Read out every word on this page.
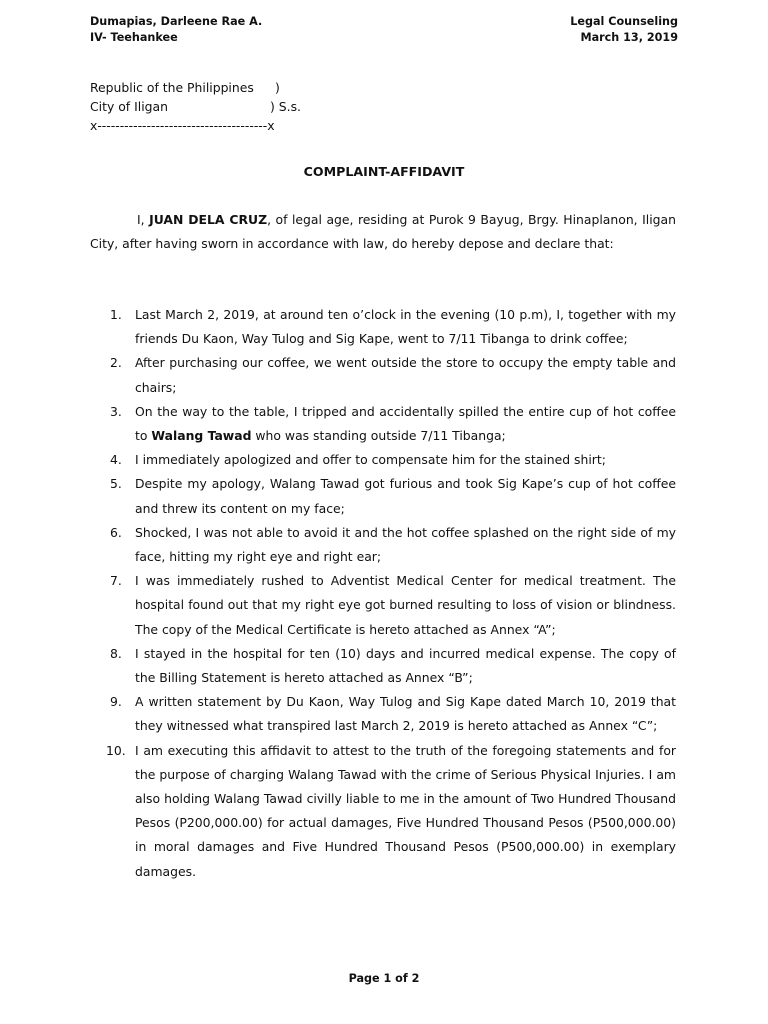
Dumapias, Darleene Rae A.
IV- Teehankee
Legal Counseling
March 13, 2019
Republic of the Philippines )
City of Iligan	) S.s.
x--------------------------------------x
COMPLAINT-AFFIDAVIT
I, JUAN DELA CRUZ, of legal age, residing at Purok 9 Bayug, Brgy. Hinaplanon, Iligan City, after having sworn in accordance with law, do hereby depose and declare that:
1. Last March 2, 2019, at around ten o’clock in the evening (10 p.m), I, together with my friends Du Kaon, Way Tulog and Sig Kape, went to 7/11 Tibanga to drink coffee;
2. After purchasing our coffee, we went outside the store to occupy the empty table and chairs;
3. On the way to the table, I tripped and accidentally spilled the entire cup of hot coffee to Walang Tawad who was standing outside 7/11 Tibanga;
4. I immediately apologized and offer to compensate him for the stained shirt;
5. Despite my apology, Walang Tawad got furious and took Sig Kape’s cup of hot coffee and threw its content on my face;
6. Shocked, I was not able to avoid it and the hot coffee splashed on the right side of my face, hitting my right eye and right ear;
7. I was immediately rushed to Adventist Medical Center for medical treatment. The hospital found out that my right eye got burned resulting to loss of vision or blindness. The copy of the Medical Certificate is hereto attached as Annex “A”;
8. I stayed in the hospital for ten (10) days and incurred medical expense. The copy of the Billing Statement is hereto attached as Annex “B”;
9. A written statement by Du Kaon, Way Tulog and Sig Kape dated March 10, 2019 that they witnessed what transpired last March 2, 2019 is hereto attached as Annex “C”;
10. I am executing this affidavit to attest to the truth of the foregoing statements and for the purpose of charging Walang Tawad with the crime of Serious Physical Injuries. I am also holding Walang Tawad civilly liable to me in the amount of Two Hundred Thousand Pesos (P200,000.00) for actual damages, Five Hundred Thousand Pesos (P500,000.00) in moral damages and Five Hundred Thousand Pesos (P500,000.00) in exemplary damages.
Page 1 of 2
